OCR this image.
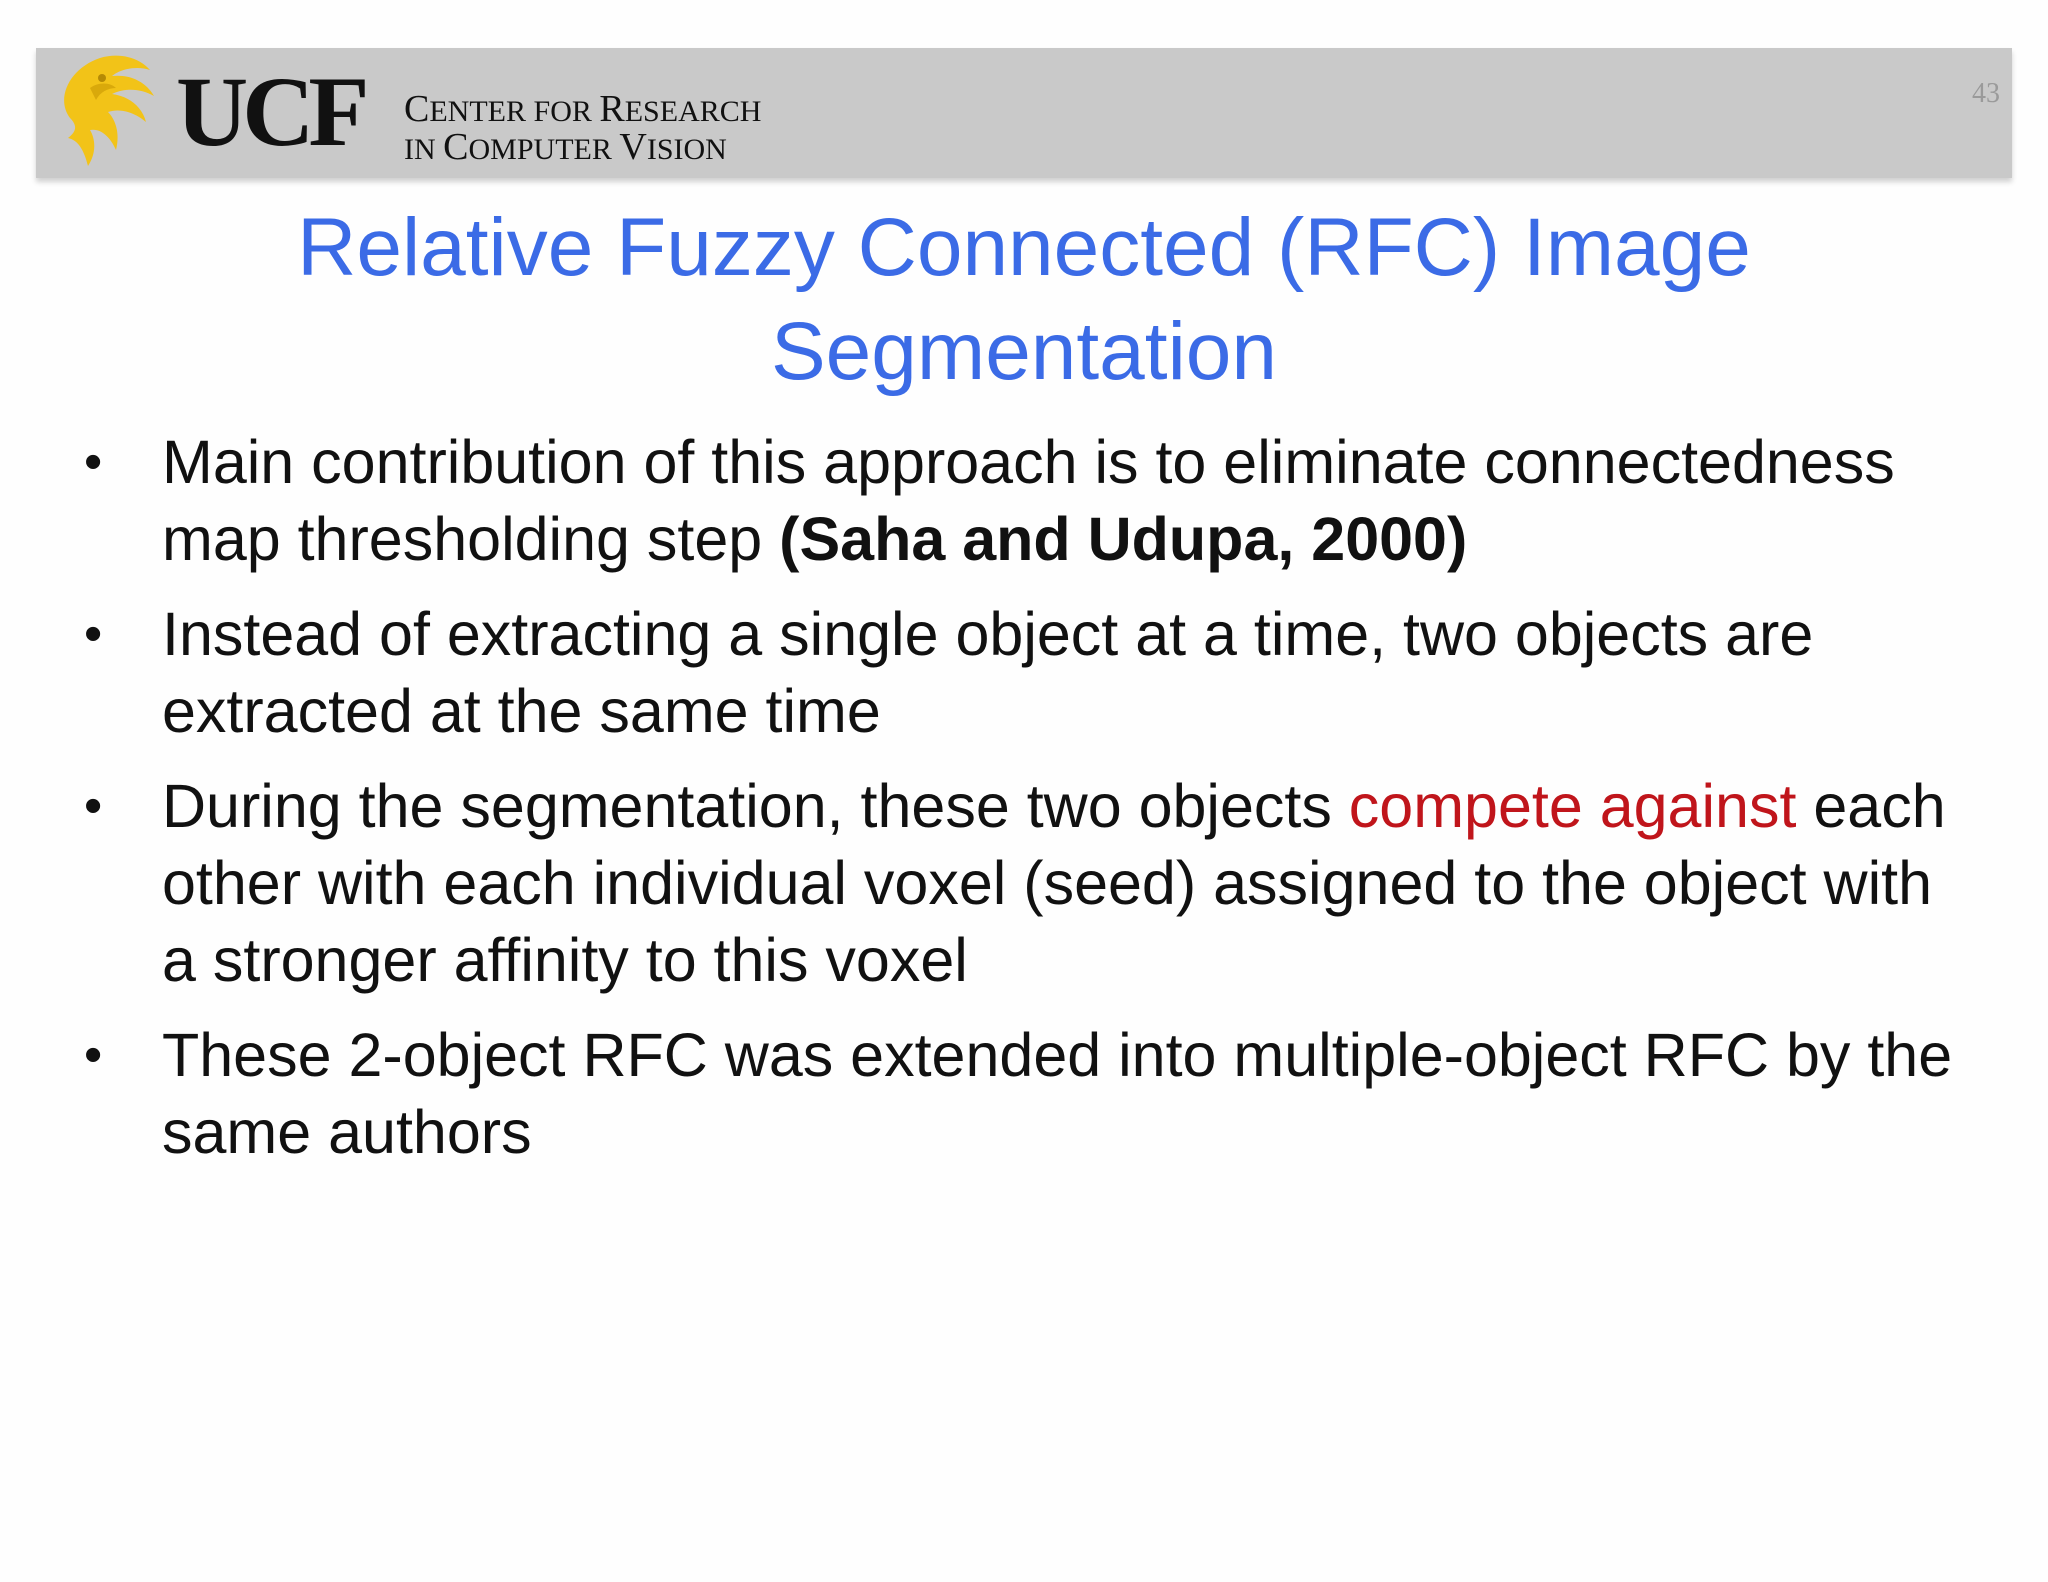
UCF CENTER FOR RESEARCH
IN COMPUTER VISION
43
Relative Fuzzy Connected (RFC) Image
Segmentation
• Main contribution of this approach is to eliminate connectedness map thresholding step (Saha and Udupa, 2000)
• Instead of extracting a single object at a time, two objects are extracted at the same time
• During the segmentation, these two objects compete against each other with each individual voxel (seed) assigned to the object with a stronger affinity to this voxel
• These 2-object RFC was extended into multiple-object RFC by the same authors
